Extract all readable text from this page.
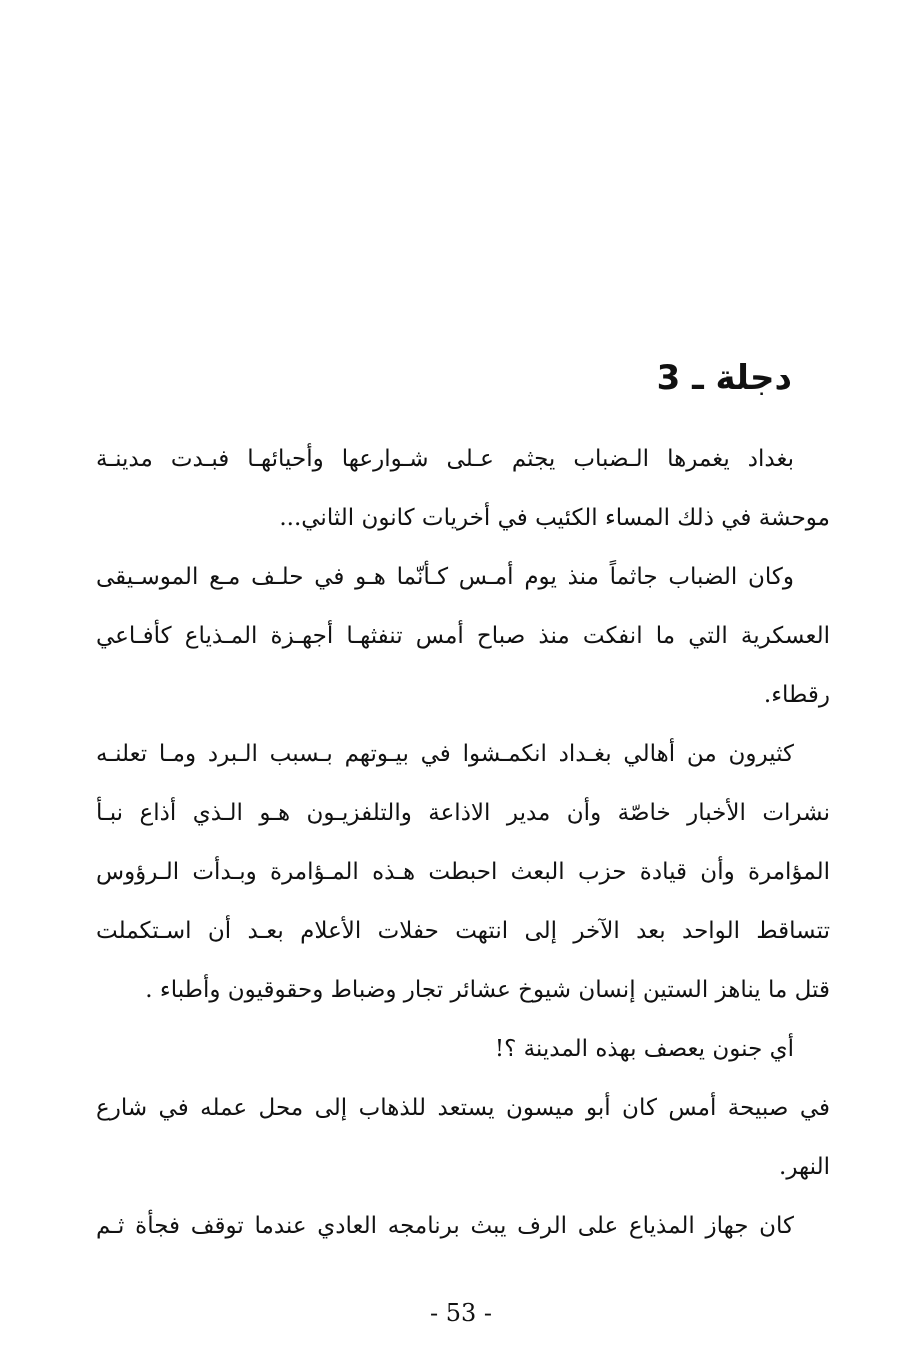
دجلة ـ 3
بغداد يغمرها الـضباب يجثم عـلى شـوارعها وأحيائهـا فبـدت مدينـة
موحشة في ذلك المساء الكئيب في أخريات كانون الثاني...
وكان الضباب جاثماً منذ يوم أمـس كـأنّما هـو في حلـف مـع الموسـيقى
العسكرية التي ما انفكت منذ صباح أمس تنفثهـا أجهـزة المـذياع كأفـاعي
رقطاء.
كثيرون من أهالي بغـداد انكمـشوا في بيـوتهم بـسبب الـبرد ومـا تعلنـه
نشرات الأخبار خاصّة وأن مدير الاذاعة والتلفزيـون هـو الـذي أذاع نبـأ
المؤامرة وأن قيادة حزب البعث احبطت هـذه المـؤامرة وبـدأت الـرؤوس
تتساقط الواحد بعد الآخر إلى انتهت حفلات الأعلام بعـد أن اسـتكملت
قتل ما يناهز الستين إنسان شيوخ عشائر تجار وضباط وحقوقيون وأطباء .
أي جنون يعصف بهذه المدينة ؟!
في صبيحة أمس كان أبو ميسون يستعد للذهاب إلى محل عمله في شارع
النهر.
كان جهاز المذياع على الرف يبث برنامجه العادي عندما توقف فجأة ثـم
- 53 -
